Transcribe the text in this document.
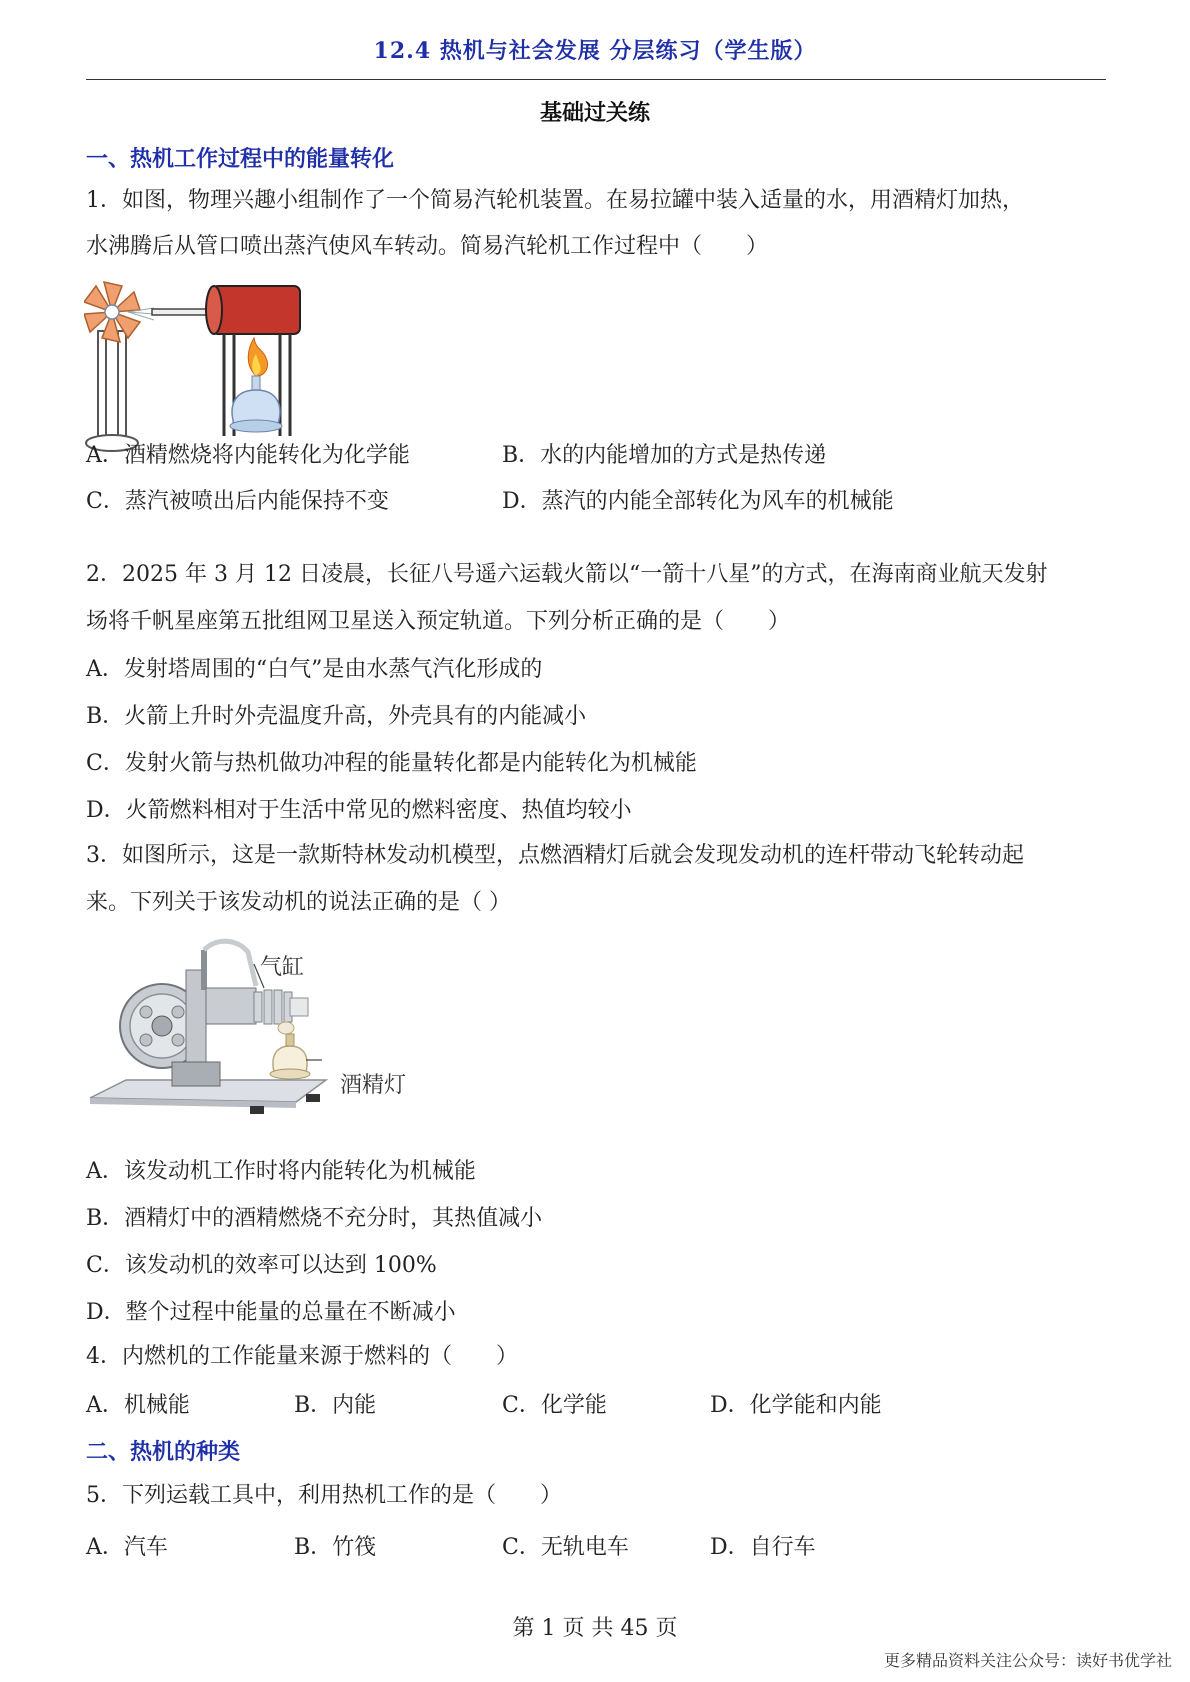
12.4 热机与社会发展 分层练习（学生版）
基础过关练
一、热机工作过程中的能量转化
1．如图，物理兴趣小组制作了一个简易汽轮机装置。在易拉罐中装入适量的水，用酒精灯加热，
水沸腾后从管口喷出蒸汽使风车转动。简易汽轮机工作过程中（　　）
A．酒精燃烧将内能转化为化学能	B．水的内能增加的方式是热传递
C．蒸汽被喷出后内能保持不变	D．蒸汽的内能全部转化为风车的机械能
2．2025 年 3 月 12 日凌晨，长征八号遥六运载火箭以“一箭十八星”的方式，在海南商业航天发射
场将千帆星座第五批组网卫星送入预定轨道。下列分析正确的是（　　）
A．发射塔周围的“白气”是由水蒸气汽化形成的
B．火箭上升时外壳温度升高，外壳具有的内能减小
C．发射火箭与热机做功冲程的能量转化都是内能转化为机械能
D．火箭燃料相对于生活中常见的燃料密度、热值均较小
3．如图所示，这是一款斯特林发动机模型，点燃酒精灯后就会发现发动机的连杆带动飞轮转动起
来。下列关于该发动机的说法正确的是（ ）
气缸
酒精灯
A．该发动机工作时将内能转化为机械能
B．酒精灯中的酒精燃烧不充分时，其热值减小
C．该发动机的效率可以达到 100%
D．整个过程中能量的总量在不断减小
4．内燃机的工作能量来源于燃料的（　　）
A．机械能	B．内能	C．化学能	D．化学能和内能
二、热机的种类
5．下列运载工具中，利用热机工作的是（　　）
A．汽车	B．竹筏	C．无轨电车	D．自行车
第 1 页 共 45 页
更多精品资料关注公众号：读好书优学社
